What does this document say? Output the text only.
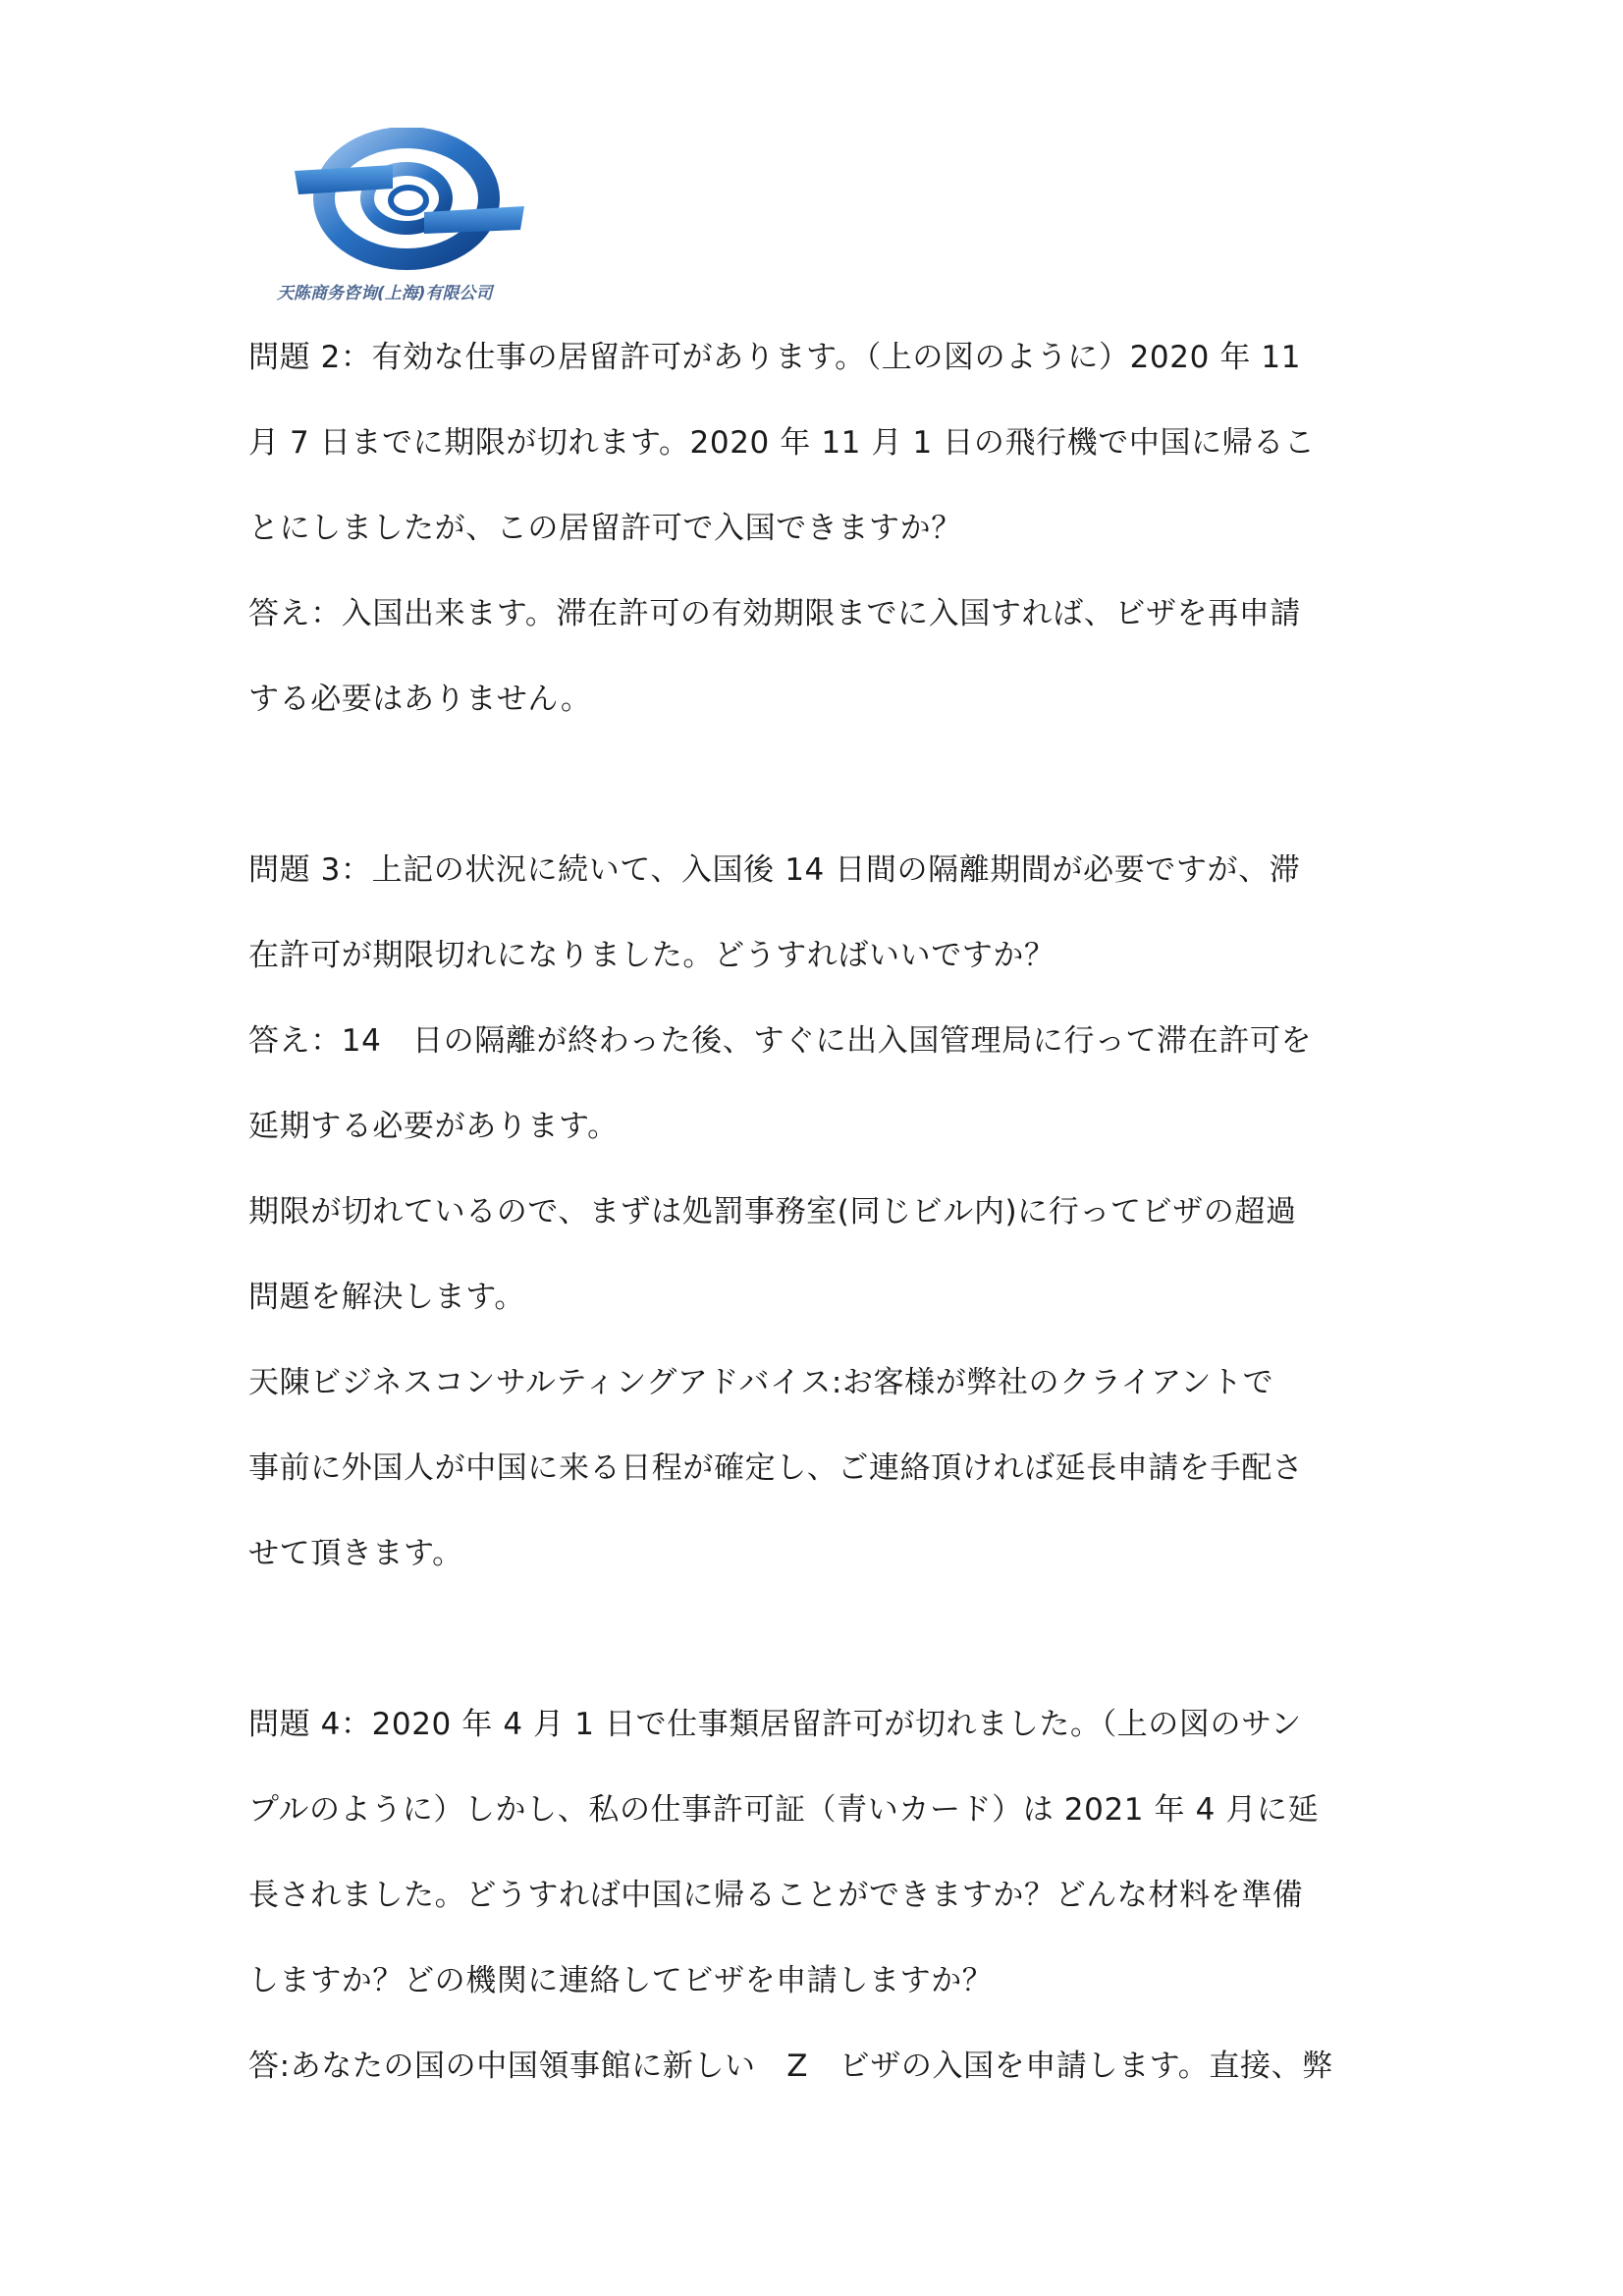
天陈商务咨询(上海)有限公司
問題 2：有効な仕事の居留許可があります。（上の図のように）2020 年 11
月 7 日までに期限が切れます。2020 年 11 月 1 日の飛行機で中国に帰るこ
とにしましたが、この居留許可で入国できますか？
答え：入国出来ます。滞在許可の有効期限までに入国すれば、ビザを再申請
する必要はありません。
問題 3：上記の状況に続いて、入国後 14 日間の隔離期間が必要ですが、滞
在許可が期限切れになりました。どうすればいいですか？
答え：14　日の隔離が終わった後、すぐに出入国管理局に行って滞在許可を
延期する必要があります。
期限が切れているので、まずは処罰事務室(同じビル内)に行ってビザの超過
問題を解決します。
天陳ビジネスコンサルティングアドバイス:お客様が弊社のクライアントで
事前に外国人が中国に来る日程が確定し、ご連絡頂ければ延長申請を手配さ
せて頂きます。
問題 4：2020 年 4 月 1 日で仕事類居留許可が切れました。（上の図のサン
プルのように）しかし、私の仕事許可証（青いカード）は 2021 年 4 月に延
長されました。どうすれば中国に帰ることができますか？どんな材料を準備
しますか？どの機関に連絡してビザを申請しますか？
答:あなたの国の中国領事館に新しい　Z　ビザの入国を申請します。直接、弊
